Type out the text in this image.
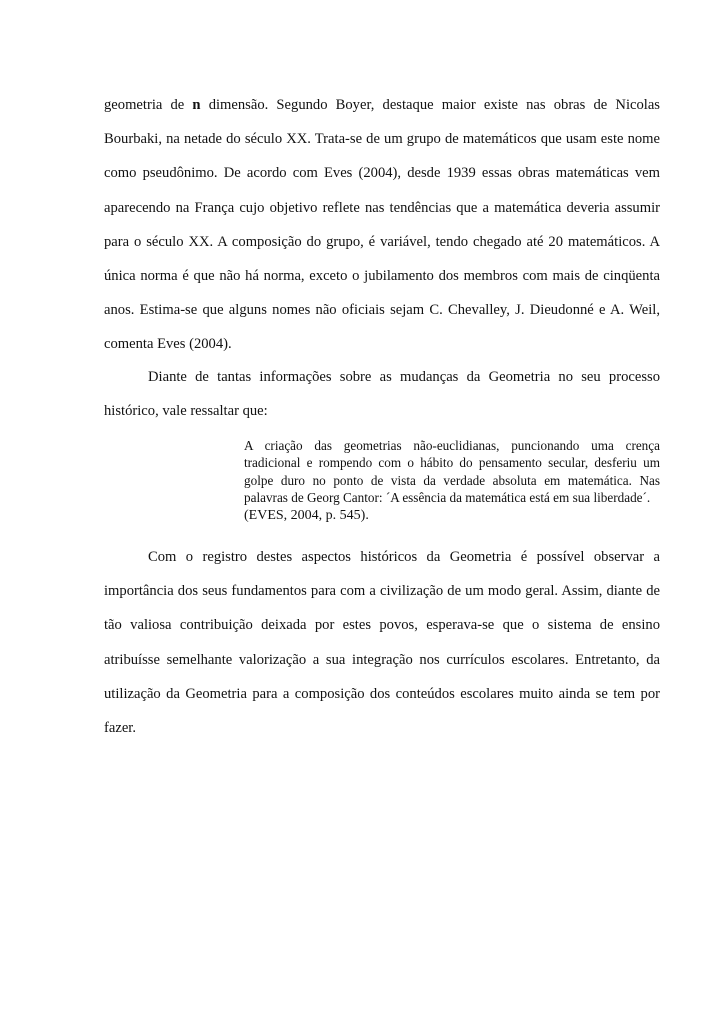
geometria de n dimensão. Segundo Boyer, destaque maior existe nas obras de Nicolas Bourbaki, na netade do século XX. Trata-se de um grupo de matemáticos que usam este nome como pseudônimo. De acordo com Eves (2004), desde 1939 essas obras matemáticas vem aparecendo na França cujo objetivo reflete nas tendências que a matemática deveria assumir para o século XX. A composição do grupo, é variável, tendo chegado até 20 matemáticos. A única norma é que não há norma, exceto o jubilamento dos membros com mais de cinqüenta anos. Estima-se que alguns nomes não oficiais sejam C. Chevalley, J. Dieudonné e A. Weil, comenta Eves (2004).

Diante de tantas informações sobre as mudanças da Geometria no seu processo histórico, vale ressaltar que:

A criação das geometrias não-euclidianas, puncionando uma crença tradicional e rompendo com o hábito do pensamento secular, desferiu um golpe duro no ponto de vista da verdade absoluta em matemática. Nas palavras de Georg Cantor: ´A essência da matemática está em sua liberdade´.
(EVES, 2004, p. 545).

Com o registro destes aspectos históricos da Geometria é possível observar a importância dos seus fundamentos para com a civilização de um modo geral. Assim, diante de tão valiosa contribuição deixada por estes povos, esperava-se que o sistema de ensino atribuísse semelhante valorização a sua integração nos currículos escolares. Entretanto, da utilização da Geometria para a composição dos conteúdos escolares muito ainda se tem por fazer.
